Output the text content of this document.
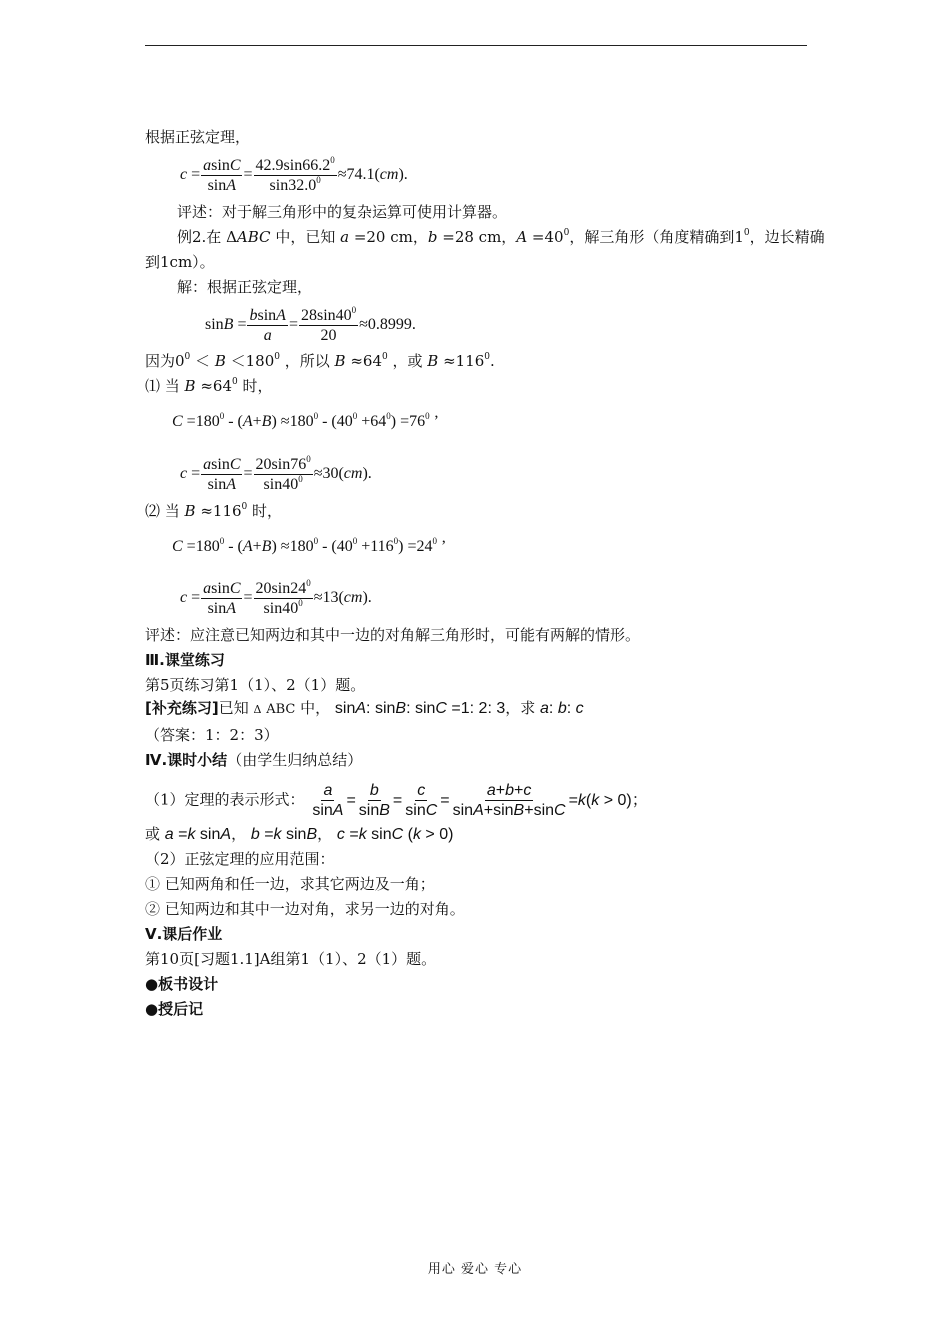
根据正弦定理，
$c = \frac{asinC}{\sin A} = \frac{42.9\sin 66.2^0}{\sin 32.0^0} \approx 74.1(cm)$.
评述：对于解三角形中的复杂运算可使用计算器。
例2.在 ΔABC 中，已知 a =20 cm，b =28 cm，$A =40^0$，解三角形（角度精确到$1^0$，边长精确
到1cm）。
解：根据正弦定理，
$\sin B = \frac{bsinA}{a} = \frac{28\sin 40^0}{20} \approx 0.8999$.
因为$0^0 < B <180^0$ ，所以 $B \approx 64^0$ ，或 $B \approx 116^0$.
⑴ 当 $B \approx 64^0$ 时，
$C =180^0 - (A+B) \approx 180^0 - (40^0 +64^0) =76^0$ ’
$c = \frac{asinC}{\sin A} = \frac{20\sin 76^0}{\sin 40^0} \approx 30(cm)$.
⑵ 当 $B \approx 116^0$ 时，
$C =180^0 - (A+B) \approx 180^0 - (40^0 +116^0) =24^0$ ’
$c = \frac{asinC}{\sin A} = \frac{20\sin 24^0}{\sin 40^0} \approx 13(cm)$.
评述：应注意已知两边和其中一边的对角解三角形时，可能有两解的情形。
Ⅲ.课堂练习
第5页练习第1（1）、2（1）题。
[补充练习]已知 Δ ABC 中， sinA: sinB: sinC =1: 2: 3，求 a: b: c
（答案：1：2：3）
Ⅳ.课时小结（由学生归纳总结）
（1）定理的表示形式： $\frac{a}{\sin A} = \frac{b}{\sin B} = \frac{c}{\sin C} = \frac{a+b+c}{\sin A+\sin B+\sin C} =k(k > 0)$；
或 a =k sinA， b =k sinB， c =k sinC (k > 0)
（2）正弦定理的应用范围：
① 已知两角和任一边，求其它两边及一角；
② 已知两边和其中一边对角，求另一边的对角。
Ⅴ.课后作业
第10页[习题1.1]A组第1（1）、2（1）题。
●板书设计
●授后记
用心 爱心 专心
